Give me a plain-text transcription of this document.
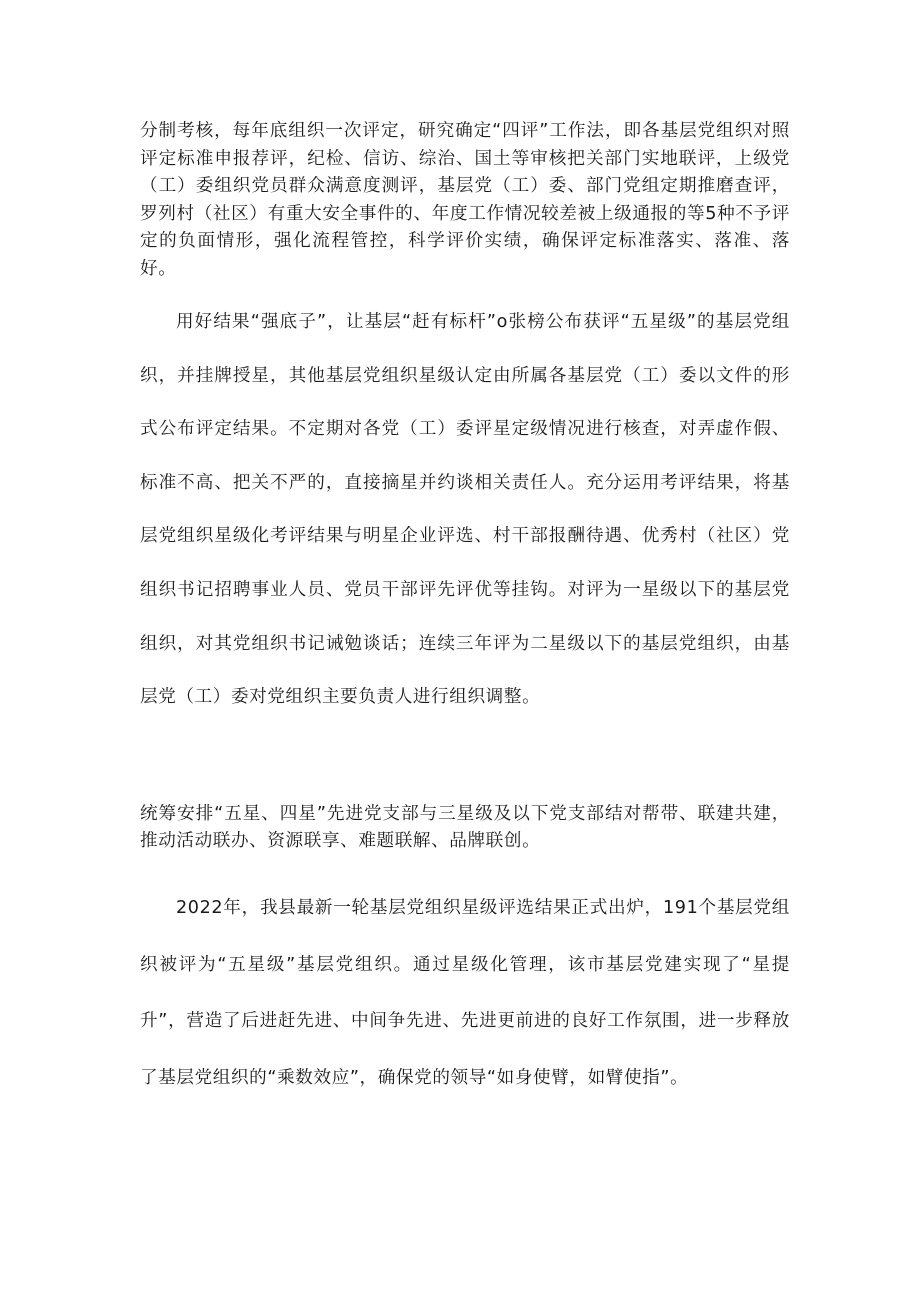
分制考核，每年底组织一次评定，研究确定“四评”工作法，即各基层党组织对照评定标准申报荐评，纪检、信访、综治、国土等审核把关部门实地联评，上级党（工）委组织党员群众满意度测评，基层党（工）委、部门党组定期推磨查评，罗列村（社区）有重大安全事件的、年度工作情况较差被上级通报的等5种不予评定的负面情形，强化流程管控，科学评价实绩，确保评定标准落实、落准、落好。

用好结果“强底子”，让基层“赶有标杆”o张榜公布获评“五星级”的基层党组织，并挂牌授星，其他基层党组织星级认定由所属各基层党（工）委以文件的形式公布评定结果。不定期对各党（工）委评星定级情况进行核查，对弄虚作假、标准不高、把关不严的，直接摘星并约谈相关责任人。充分运用考评结果，将基层党组织星级化考评结果与明星企业评选、村干部报酬待遇、优秀村（社区）党组织书记招聘事业人员、党员干部评先评优等挂钩。对评为一星级以下的基层党组织，对其党组织书记诫勉谈话；连续三年评为二星级以下的基层党组织，由基层党（工）委对党组织主要负责人进行组织调整。

统筹安排“五星、四星”先进党支部与三星级及以下党支部结对帮带、联建共建，推动活动联办、资源联享、难题联解、品牌联创。

2022年，我县最新一轮基层党组织星级评选结果正式出炉，191个基层党组织被评为“五星级”基层党组织。通过星级化管理，该市基层党建实现了“星提升”，营造了后进赶先进、中间争先进、先进更前进的良好工作氛围，进一步释放了基层党组织的“乘数效应”，确保党的领导“如身使臂，如臂使指”。
